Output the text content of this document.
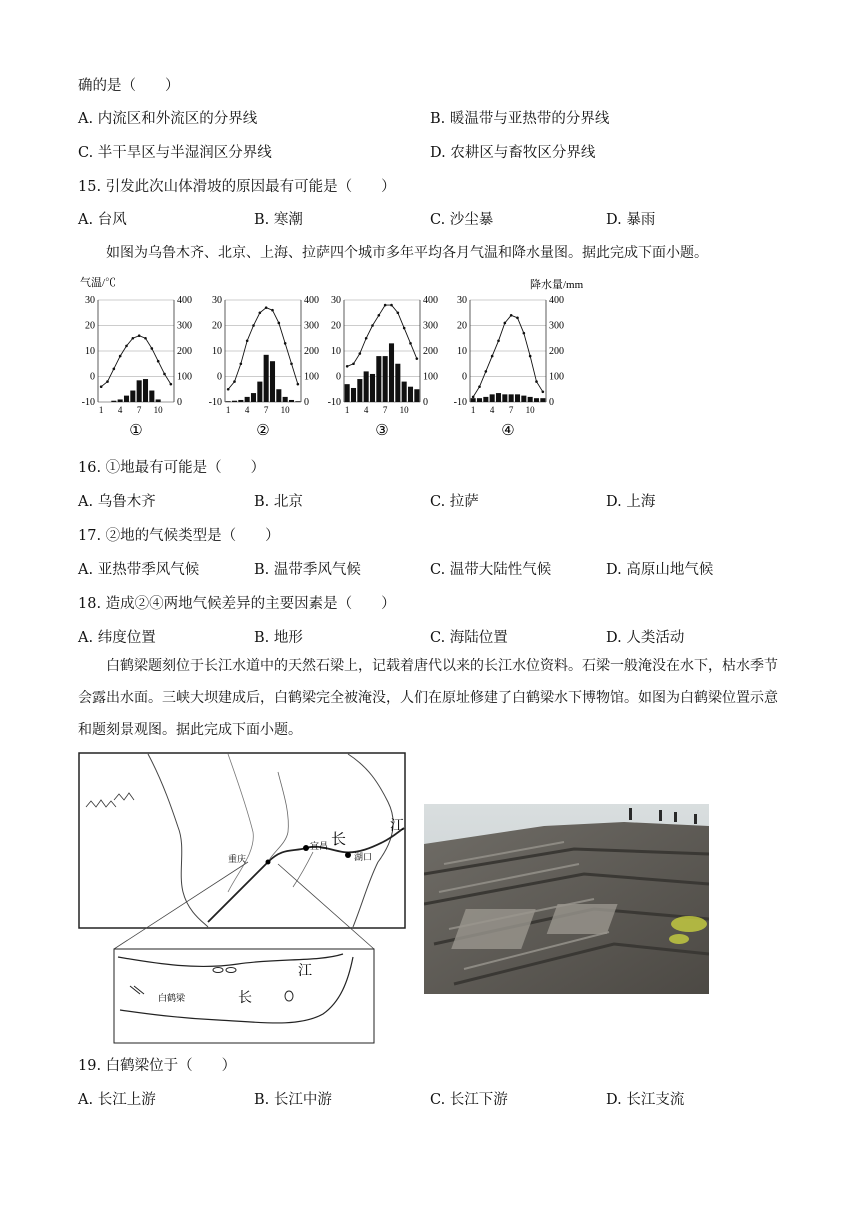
确的是（　　）
A. 内流区和外流区的分界线	B. 暖温带与亚热带的分界线
C. 半干旱区与半湿润区分界线	D. 农耕区与畜牧区分界线
15. 引发此次山体滑坡的原因最有可能是（　　）
A. 台风	B. 寒潮	C. 沙尘暴	D. 暴雨
如图为乌鲁木齐、北京、上海、拉萨四个城市多年平均各月气温和降水量图。据此完成下面小题。
气温/℃	降水量/mm
30
20
10
0
-10
400
300
200
100
0
1 4 7 10
①
30
20
10
0
-10
400
300
200
100
0
1 4 7 10
②
30
20
10
0
-10
400
300
200
100
0
1 4 7 10
③
30
20
10
0
-10
400
300
200
100
0
1 4 7 10
④
16. ①地最有可能是（　　）
A. 乌鲁木齐	B. 北京	C. 拉萨	D. 上海
17. ②地的气候类型是（　　）
A. 亚热带季风气候	B. 温带季风气候	C. 温带大陆性气候	D. 高原山地气候
18. 造成②④两地气候差异的主要因素是（　　）
A. 纬度位置	B. 地形	C. 海陆位置	D. 人类活动
白鹤梁题刻位于长江水道中的天然石梁上，记载着唐代以来的长江水位资料。石梁一般淹没在水下，枯水季节会露出水面。三峡大坝建成后，白鹤梁完全被淹没，人们在原址修建了白鹤梁水下博物馆。如图为白鹤梁位置示意和题刻景观图。据此完成下面小题。
重庆
宜昌
湖口
长
江
白鹤梁	长
江
19. 白鹤梁位于（　　）
A. 长江上游	B. 长江中游	C. 长江下游	D. 长江支流
